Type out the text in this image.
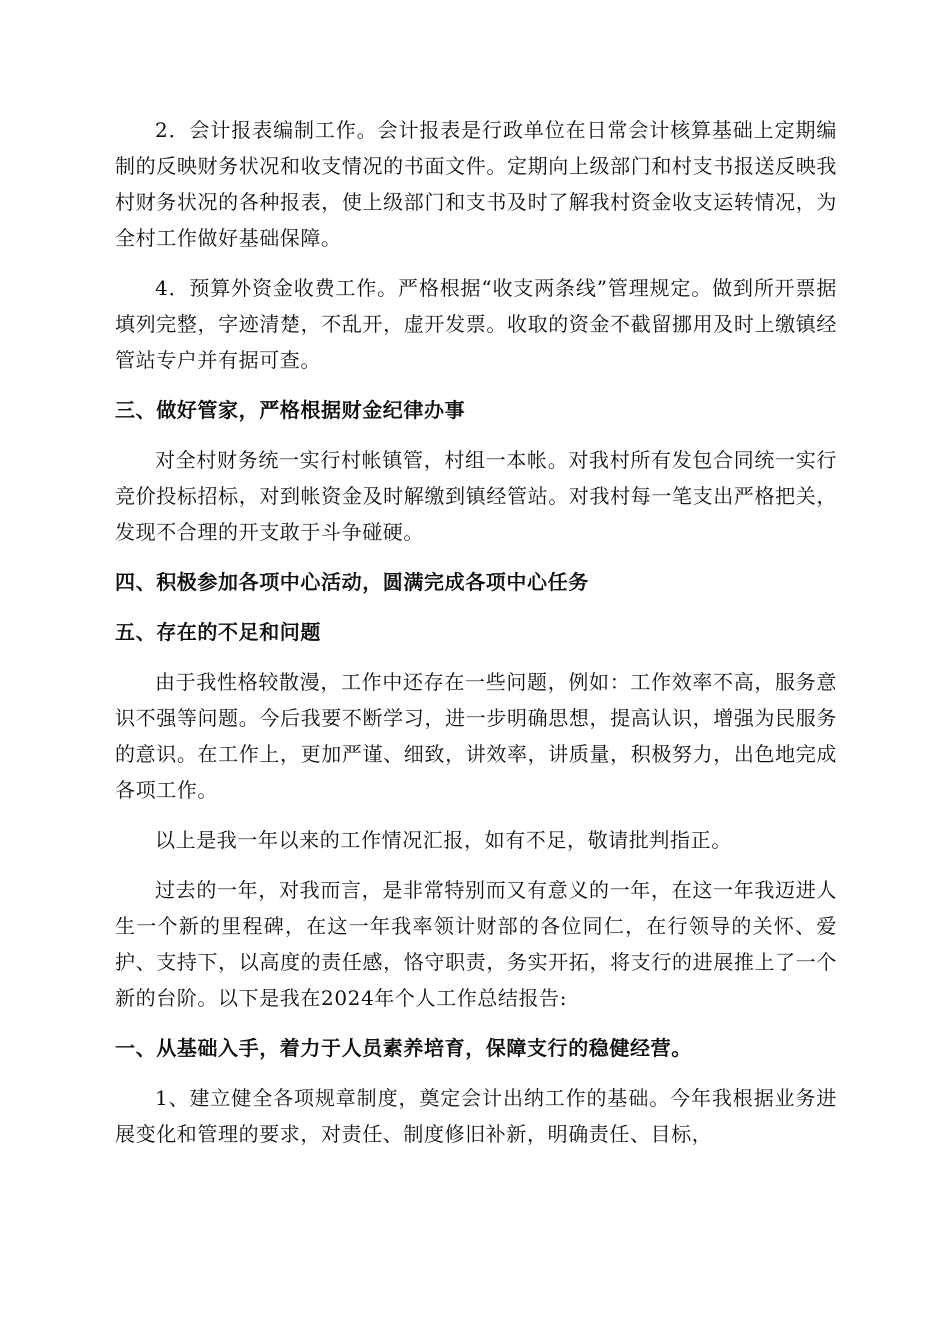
2．会计报表编制工作。会计报表是行政单位在日常会计核算基础上定期编制的反映财务状况和收支情况的书面文件。定期向上级部门和村支书报送反映我村财务状况的各种报表，使上级部门和支书及时了解我村资金收支运转情况，为全村工作做好基础保障。

4．预算外资金收费工作。严格根据“收支两条线”管理规定。做到所开票据填列完整，字迹清楚，不乱开，虚开发票。收取的资金不截留挪用及时上缴镇经管站专户并有据可查。

三、做好管家，严格根据财金纪律办事

对全村财务统一实行村帐镇管，村组一本帐。对我村所有发包合同统一实行竞价投标招标，对到帐资金及时解缴到镇经管站。对我村每一笔支出严格把关，发现不合理的开支敢于斗争碰硬。

四、积极参加各项中心活动，圆满完成各项中心任务

五、存在的不足和问题

由于我性格较散漫，工作中还存在一些问题，例如：工作效率不高，服务意识不强等问题。今后我要不断学习，进一步明确思想，提高认识，增强为民服务的意识。在工作上，更加严谨、细致，讲效率，讲质量，积极努力，出色地完成各项工作。

以上是我一年以来的工作情况汇报，如有不足，敬请批判指正。

过去的一年，对我而言，是非常特别而又有意义的一年，在这一年我迈进人生一个新的里程碑，在这一年我率领计财部的各位同仁，在行领导的关怀、爱护、支持下，以高度的责任感，恪守职责，务实开拓，将支行的进展推上了一个新的台阶。以下是我在2024年个人工作总结报告:

一、从基础入手，着力于人员素养培育，保障支行的稳健经营。

1、建立健全各项规章制度，奠定会计出纳工作的基础。今年我根据业务进展变化和管理的要求，对责任、制度修旧补新，明确责任、目标，
